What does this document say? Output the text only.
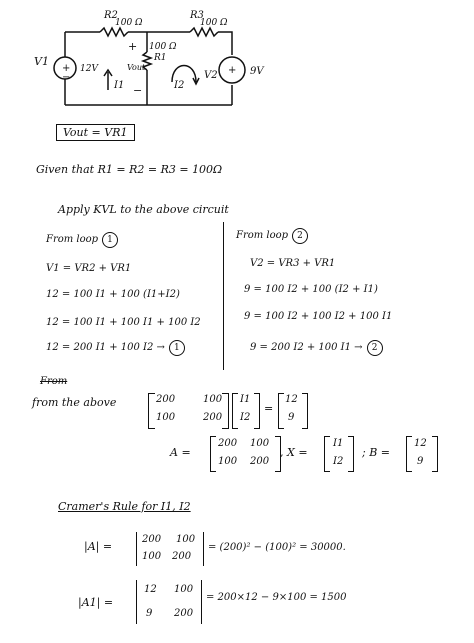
+
−
+
R2
100 Ω
R3
100 Ω
+ 100 Ω
R1
Vout
−
V1
12V
I1	I2
V2	9V
Vout = VR1
Given that R1 = R2 = R3 = 100Ω
Apply KVL to the above circuit
From loop 1
V1 = VR2 + VR1
12 = 100 I1 + 100 (I1+I2)
12 = 100 I1 + 100 I1 + 100 I2
12 = 200 I1 + 100 I2 → 1
From loop 2
V2 = VR3 + VR1
9 = 100 I2 + 100 (I2 + I1)
9 = 100 I2 + 100 I2 + 100 I1
9 = 200 I2 + 100 I1 → 2
From
from the above	200	100
100	200
I1
I2
=
12
9
A =
200 100
100 200
, X =
I1
I2
; B =
12
9
Cramer's Rule for I1, I2
|A| =
200 100
100 200
= (200)² − (100)² = 30000.
|A1| =
12 100
9 200
= 200×12 − 9×100 = 1500
